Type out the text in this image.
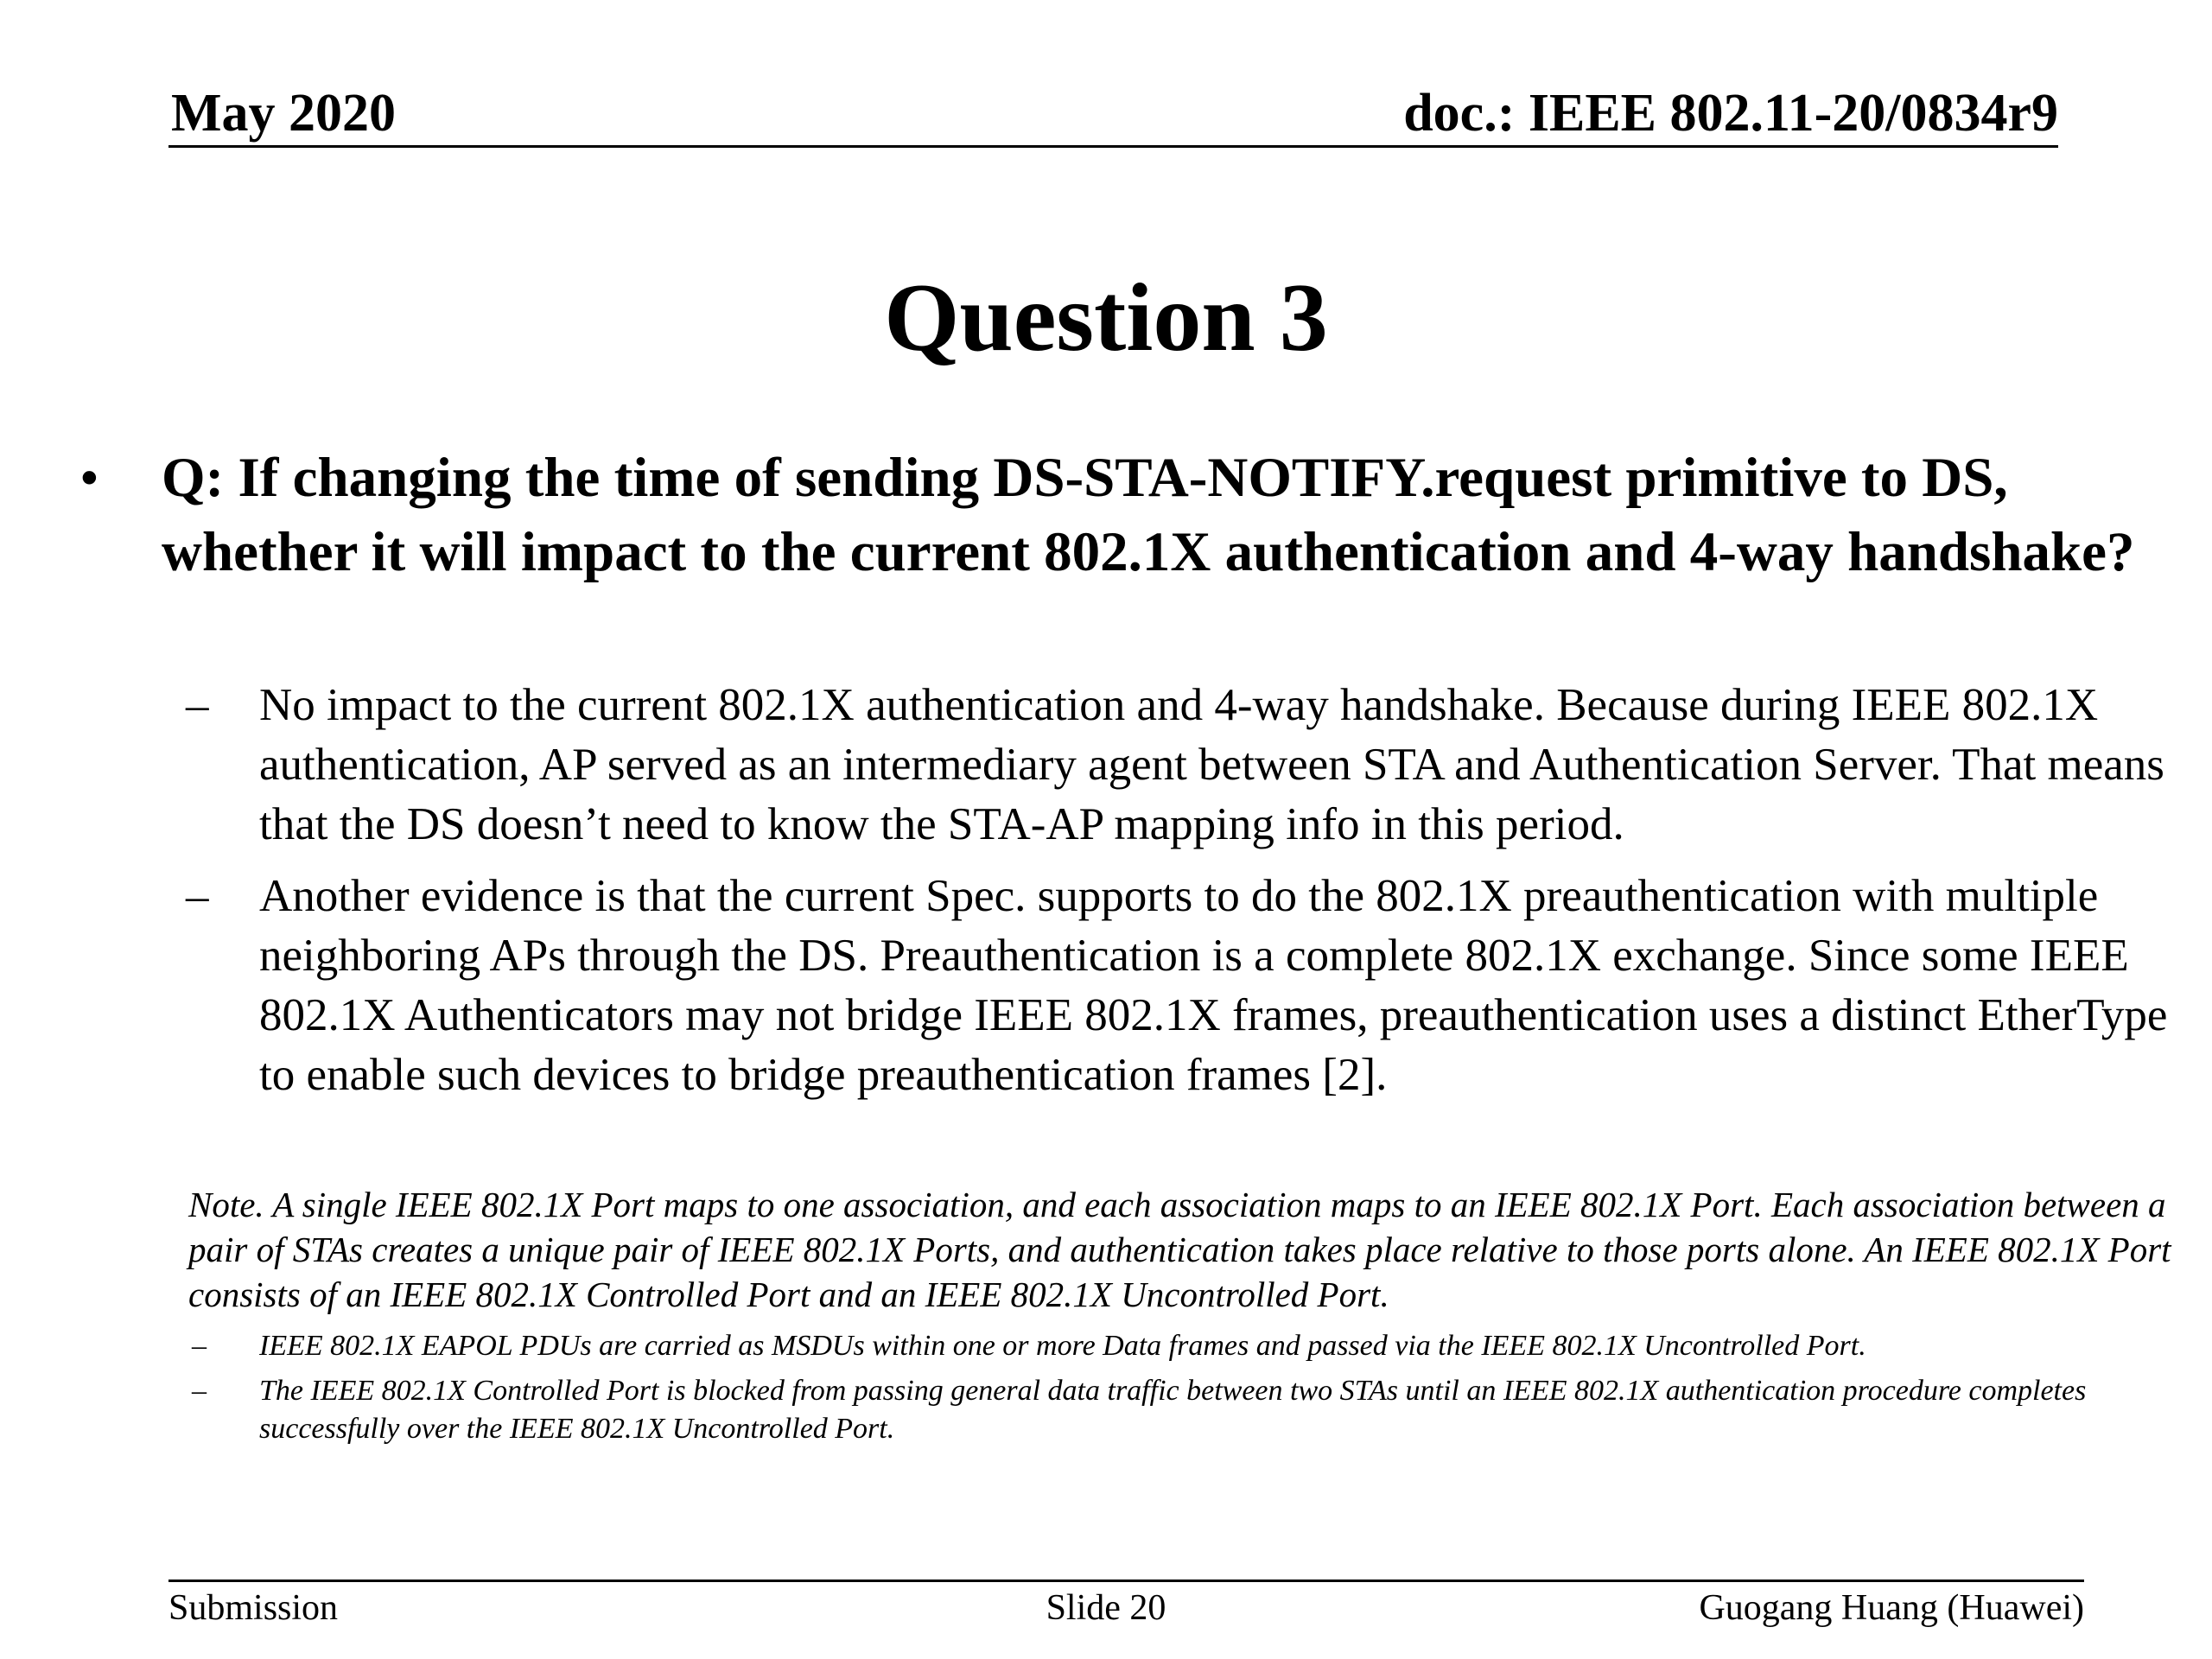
May 2020	doc.: IEEE 802.11-20/0834r9
Question 3
• Q: If changing the time of sending DS-STA-NOTIFY.request primitive to DS, whether it will impact to the current 802.1X authentication and 4-way handshake?
– No impact to the current 802.1X authentication and 4-way handshake. Because during IEEE 802.1X authentication, AP served as an intermediary agent between STA and Authentication Server. That means that the DS doesn’t need to know the STA-AP mapping info in this period.
– Another evidence is that the current Spec. supports to do the 802.1X preauthentication with multiple neighboring APs through the DS. Preauthentication is a complete 802.1X exchange. Since some IEEE 802.1X Authenticators may not bridge IEEE 802.1X frames, preauthentication uses a distinct EtherType to enable such devices to bridge preauthentication frames [2].
Note. A single IEEE 802.1X Port maps to one association, and each association maps to an IEEE 802.1X Port. Each association between a pair of STAs creates a unique pair of IEEE 802.1X Ports, and authentication takes place relative to those ports alone. An IEEE 802.1X Port consists of an IEEE 802.1X Controlled Port and an IEEE 802.1X Uncontrolled Port.
– IEEE 802.1X EAPOL PDUs are carried as MSDUs within one or more Data frames and passed via the IEEE 802.1X Uncontrolled Port.
– The IEEE 802.1X Controlled Port is blocked from passing general data traffic between two STAs until an IEEE 802.1X authentication procedure completes successfully over the IEEE 802.1X Uncontrolled Port.
Submission	Slide 20	Guogang Huang (Huawei)
